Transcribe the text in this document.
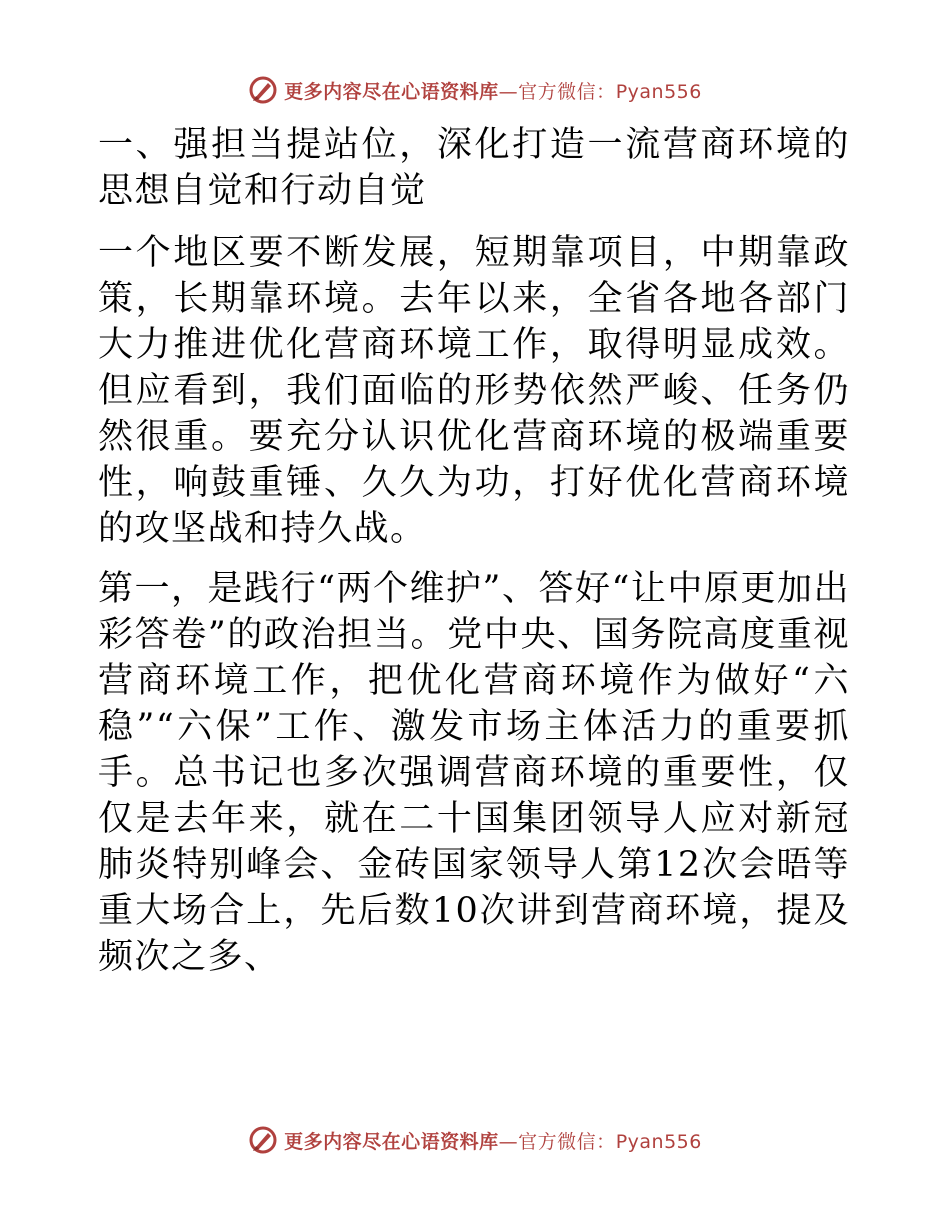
更多内容尽在心语资料库—官方微信：Pyan556

一、强担当提站位，深化打造一流营商环境的思想自觉和行动自觉

一个地区要不断发展，短期靠项目，中期靠政策，长期靠环境。去年以来，全省各地各部门大力推进优化营商环境工作，取得明显成效。但应看到，我们面临的形势依然严峻、任务仍然很重。要充分认识优化营商环境的极端重要性，响鼓重锤、久久为功，打好优化营商环境的攻坚战和持久战。

第一，是践行“两个维护”、答好“让中原更加出彩答卷”的政治担当。党中央、国务院高度重视营商环境工作，把优化营商环境作为做好“六稳”“六保”工作、激发市场主体活力的重要抓手。总书记也多次强调营商环境的重要性，仅仅是去年来，就在二十国集团领导人应对新冠肺炎特别峰会、金砖国家领导人第12次会晤等重大场合上，先后数10次讲到营商环境，提及频次之多、

更多内容尽在心语资料库—官方微信：Pyan556
